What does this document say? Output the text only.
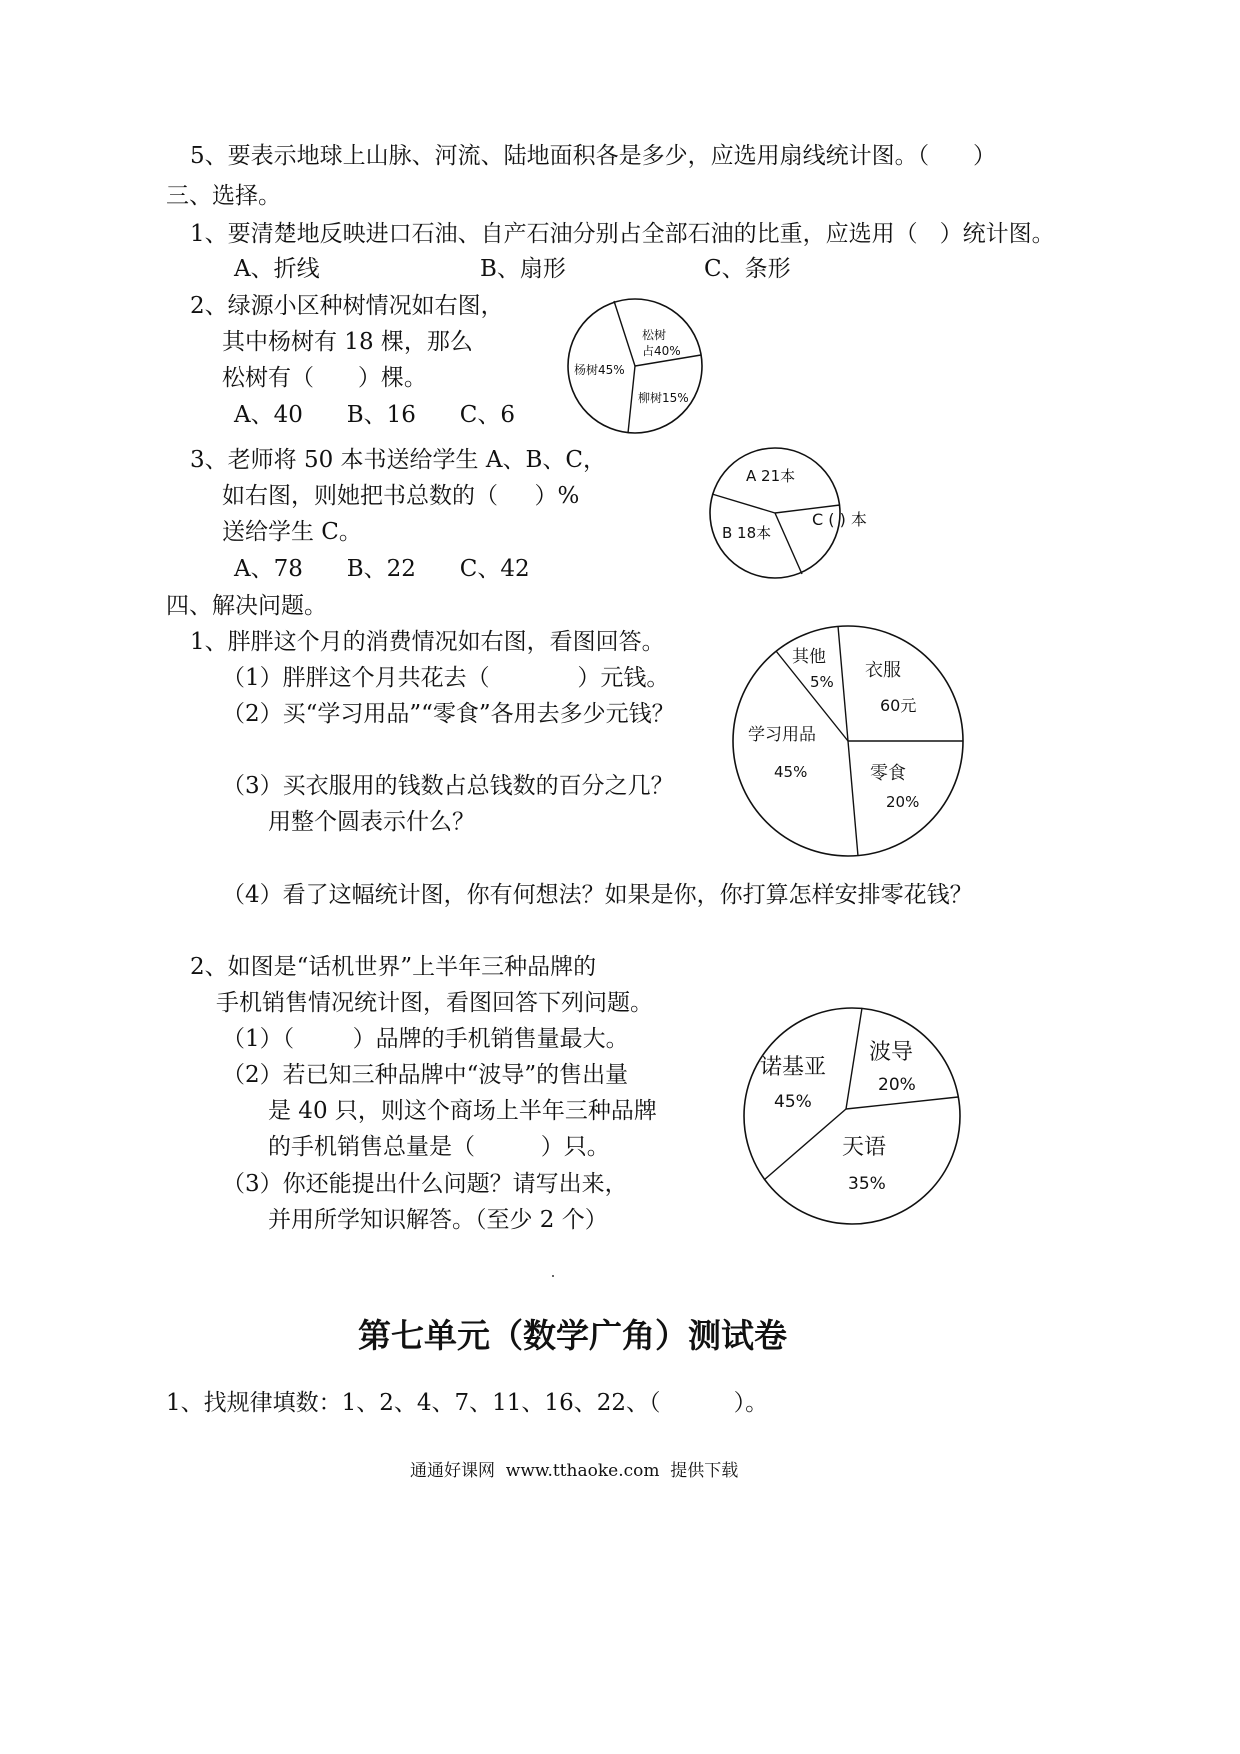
5、要表示地球上山脉、河流、陆地面积各是多少，应选用扇线统计图。（      ）
三、选择。
1、要清楚地反映进口石油、自产石油分别占全部石油的比重，应选用（   ）统计图。
A、折线	B、扇形	C、条形
2、绿源小区种树情况如右图，
其中杨树有 18 棵，那么
松树有（      ）棵。
A、40      B、16      C、6
松树
占40%
杨树45%
柳树15%
3、老师将 50 本书送给学生 A、B、C，
如右图，则她把书总数的（     ）%
送给学生 C。
A、78      B、22      C、42
A 21本
B 18本
C ( ) 本
四、解决问题。
1、胖胖这个月的消费情况如右图，看图回答。
（1）胖胖这个月共花去（            ）元钱。
（2）买“学习用品”“零食”各用去多少元钱？
（3）买衣服用的钱数占总钱数的百分之几？
用整个圆表示什么？
（4）看了这幅统计图，你有何想法？如果是你，你打算怎样安排零花钱？
其他
5%
衣服
60元
学习用品
45%	零食
20%
2、如图是“话机世界”上半年三种品牌的
手机销售情况统计图，看图回答下列问题。
（1）（        ）品牌的手机销售量最大。
（2）若已知三种品牌中“波导”的售出量
是 40 只，则这个商场上半年三种品牌
的手机销售总量是（         ）只。
（3）你还能提出什么问题？请写出来，
并用所学知识解答。（至少 2 个）
诺基亚
45%
波导
20%
天语
35%
第七单元（数学广角）测试卷
1、找规律填数：1、2、4、7、11、16、22、（          ）。
通通好课网  www.tthaoke.com  提供下载
